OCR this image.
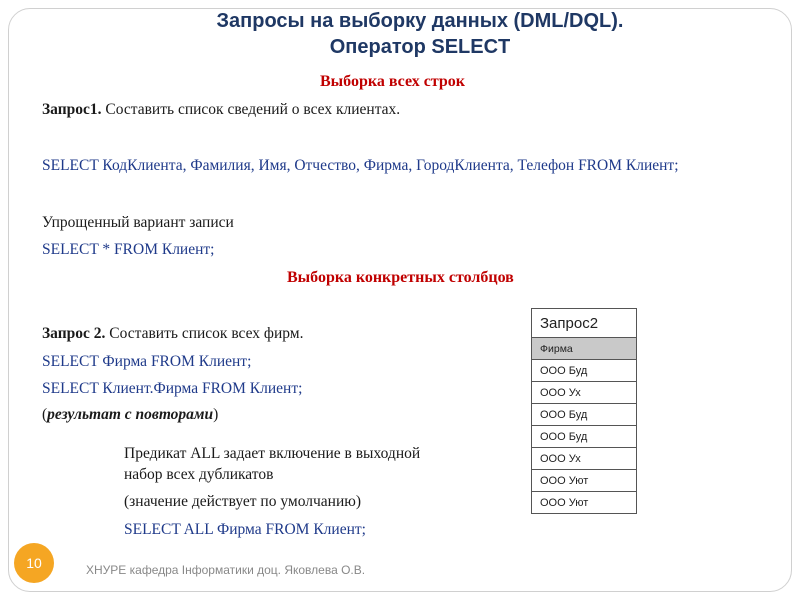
Запросы на выборку данных (DML/DQL).
Оператор SELECT
Выборка всех строк
Запрос1. Составить список сведений о всех клиентах.
SELECT КодКлиента, Фамилия, Имя, Отчество, Фирма, ГородКлиента, Телефон FROM Клиент;
Упрощенный вариант записи
SELECT * FROM Клиент;
Выборка конкретных столбцов
Запрос 2. Составить список всех фирм.
SELECT Фирма FROM Клиент;
SELECT Клиент.Фирма FROM Клиент;
(результат с повторами)
Предикат ALL задает включение в выходной
набор всех дубликатов
(значение действует по умолчанию)
SELECT ALL Фирма FROM Клиент;
Запрос2
Фирма
ООО Буд
ООО Ух
ООО Буд
ООО Буд
ООО Ух
ООО Уют
ООО Уют
10	ХНУРЕ кафедра Інформатики доц. Яковлева О.В.
